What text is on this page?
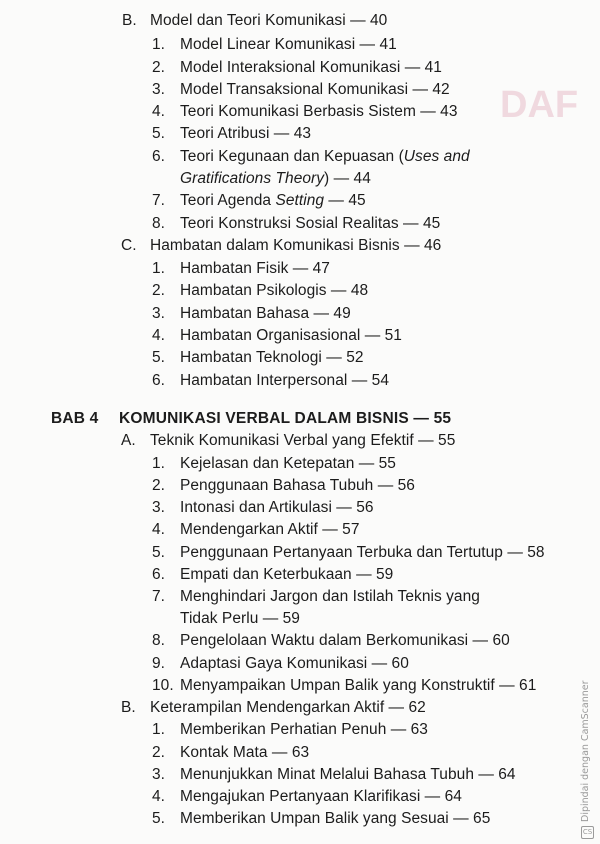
DAF
B. Model dan Teori Komunikasi — 40
1. Model Linear Komunikasi — 41
2. Model Interaksional Komunikasi — 41
3. Model Transaksional Komunikasi — 42
4. Teori Komunikasi Berbasis Sistem — 43
5. Teori Atribusi — 43
6. Teori Kegunaan dan Kepuasan (Uses and
Gratifications Theory) — 44
7. Teori Agenda Setting — 45
8. Teori Konstruksi Sosial Realitas — 45
C. Hambatan dalam Komunikasi Bisnis — 46
1. Hambatan Fisik — 47
2. Hambatan Psikologis — 48
3. Hambatan Bahasa — 49
4. Hambatan Organisasional — 51
5. Hambatan Teknologi — 52
6. Hambatan Interpersonal — 54
BAB 4 KOMUNIKASI VERBAL DALAM BISNIS — 55
A. Teknik Komunikasi Verbal yang Efektif — 55
1. Kejelasan dan Ketepatan — 55
2. Penggunaan Bahasa Tubuh — 56
3. Intonasi dan Artikulasi — 56
4. Mendengarkan Aktif — 57
5. Penggunaan Pertanyaan Terbuka dan Tertutup — 58
6. Empati dan Keterbukaan — 59
7. Menghindari Jargon dan Istilah Teknis yang
Tidak Perlu — 59
8. Pengelolaan Waktu dalam Berkomunikasi — 60
9. Adaptasi Gaya Komunikasi — 60
10. Menyampaikan Umpan Balik yang Konstruktif — 61
B. Keterampilan Mendengarkan Aktif — 62
1. Memberikan Perhatian Penuh — 63
2. Kontak Mata — 63
3. Menunjukkan Minat Melalui Bahasa Tubuh — 64
4. Mengajukan Pertanyaan Klarifikasi — 64
5. Memberikan Umpan Balik yang Sesuai — 65	Dipindai dengan CamScanner
CS
